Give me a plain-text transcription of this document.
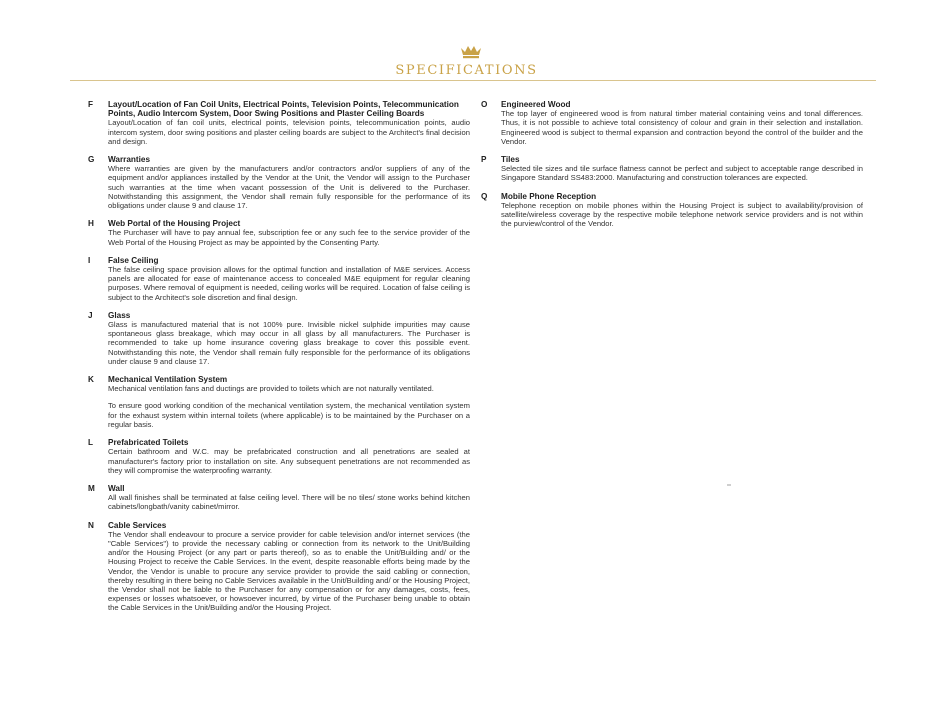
SPECIFICATIONS
F Layout/Location of Fan Coil Units, Electrical Points, Television Points, Telecommunication Points, Audio Intercom System, Door Swing Positions and Plaster Ceiling Boards
Layout/Location of fan coil units, electrical points, television points, telecommunication points, audio intercom system, door swing positions and plaster ceiling boards are subject to the Architect's final decision and design.
G Warranties
Where warranties are given by the manufacturers and/or contractors and/or suppliers of any of the equipment and/or appliances installed by the Vendor at the Unit, the Vendor will assign to the Purchaser such warranties at the time when vacant possession of the Unit is delivered to the Purchaser. Notwithstanding this assignment, the Vendor shall remain fully responsible for the performance of its obligations under clause 9 and clause 17.
H Web Portal of the Housing Project
The Purchaser will have to pay annual fee, subscription fee or any such fee to the service provider of the Web Portal of the Housing Project as may be appointed by the Consenting Party.
I False Ceiling
The false ceiling space provision allows for the optimal function and installation of M&E services. Access panels are allocated for ease of maintenance access to concealed M&E equipment for regular cleaning purposes. Where removal of equipment is needed, ceiling works will be required. Location of false ceiling is subject to the Architect's sole discretion and final design.
J Glass
Glass is manufactured material that is not 100% pure. Invisible nickel sulphide impurities may cause spontaneous glass breakage, which may occur in all glass by all manufacturers. The Purchaser is recommended to take up home insurance covering glass breakage to cover this possible event. Notwithstanding this note, the Vendor shall remain fully responsible for the performance of its obligations under clause 9 and clause 17.
K Mechanical Ventilation System
Mechanical ventilation fans and ductings are provided to toilets which are not naturally ventilated.
To ensure good working condition of the mechanical ventilation system, the mechanical ventilation system for the exhaust system within internal toilets (where applicable) is to be maintained by the Purchaser on a regular basis.
L Prefabricated Toilets
Certain bathroom and W.C. may be prefabricated construction and all penetrations are sealed at manufacturer's factory prior to installation on site. Any subsequent penetrations are not recommended as they will compromise the waterproofing warranty.
M Wall
All wall finishes shall be terminated at false ceiling level. There will be no tiles/ stone works behind kitchen cabinets/longbath/vanity cabinet/mirror.
N Cable Services
The Vendor shall endeavour to procure a service provider for cable television and/or internet services (the "Cable Services") to provide the necessary cabling or connection from its network to the Unit/Building and/or the Housing Project (or any part or parts thereof), so as to enable the Unit/Building and/ or the Housing Project to receive the Cable Services. In the event, despite reasonable efforts being made by the Vendor, the Vendor is unable to procure any service provider to provide the said cabling or connection, thereby resulting in there being no Cable Services available in the Unit/Building and/ or the Housing Project, the Vendor shall not be liable to the Purchaser for any compensation or for any damages, costs, fees, expenses or losses whatsoever, or howsoever incurred, by virtue of the Purchaser being unable to obtain the Cable Services in the Unit/Building and/or the Housing Project.
O Engineered Wood
The top layer of engineered wood is from natural timber material containing veins and tonal differences. Thus, it is not possible to achieve total consistency of colour and grain in their selection and installation. Engineered wood is subject to thermal expansion and contraction beyond the control of the builder and the Vendor.
P Tiles
Selected tile sizes and tile surface flatness cannot be perfect and subject to acceptable range described in Singapore Standard SS483:2000. Manufacturing and construction tolerances are expected.
Q Mobile Phone Reception
Telephone reception on mobile phones within the Housing Project is subject to availability/provision of satellite/wireless coverage by the respective mobile telephone network service providers and is not within the purview/control of the Vendor.
